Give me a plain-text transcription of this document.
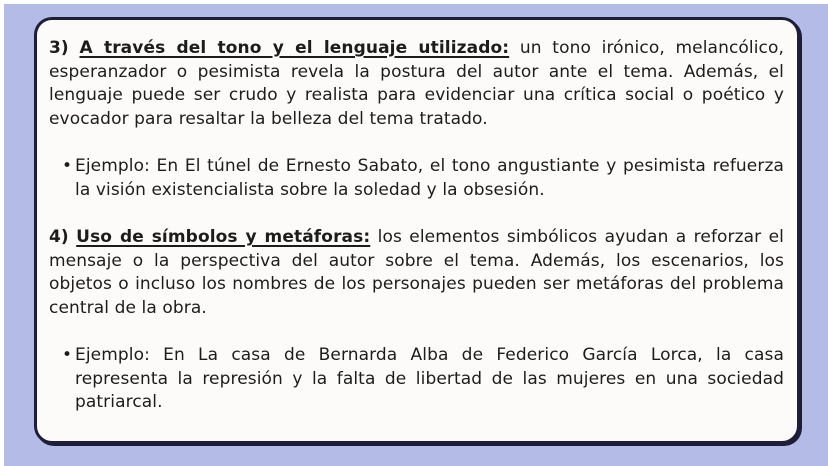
3) A través del tono y el lenguaje utilizado: un tono irónico, melancólico, esperanzador o pesimista revela la postura del autor ante el tema. Además, el lenguaje puede ser crudo y realista para evidenciar una crítica social o poético y evocador para resaltar la belleza del tema tratado.

• Ejemplo: En El túnel de Ernesto Sabato, el tono angustiante y pesimista refuerza la visión existencialista sobre la soledad y la obsesión.

4) Uso de símbolos y metáforas: los elementos simbólicos ayudan a reforzar el mensaje o la perspectiva del autor sobre el tema. Además, los escenarios, los objetos o incluso los nombres de los personajes pueden ser metáforas del problema central de la obra.

• Ejemplo: En La casa de Bernarda Alba de Federico García Lorca, la casa representa la represión y la falta de libertad de las mujeres en una sociedad patriarcal.
